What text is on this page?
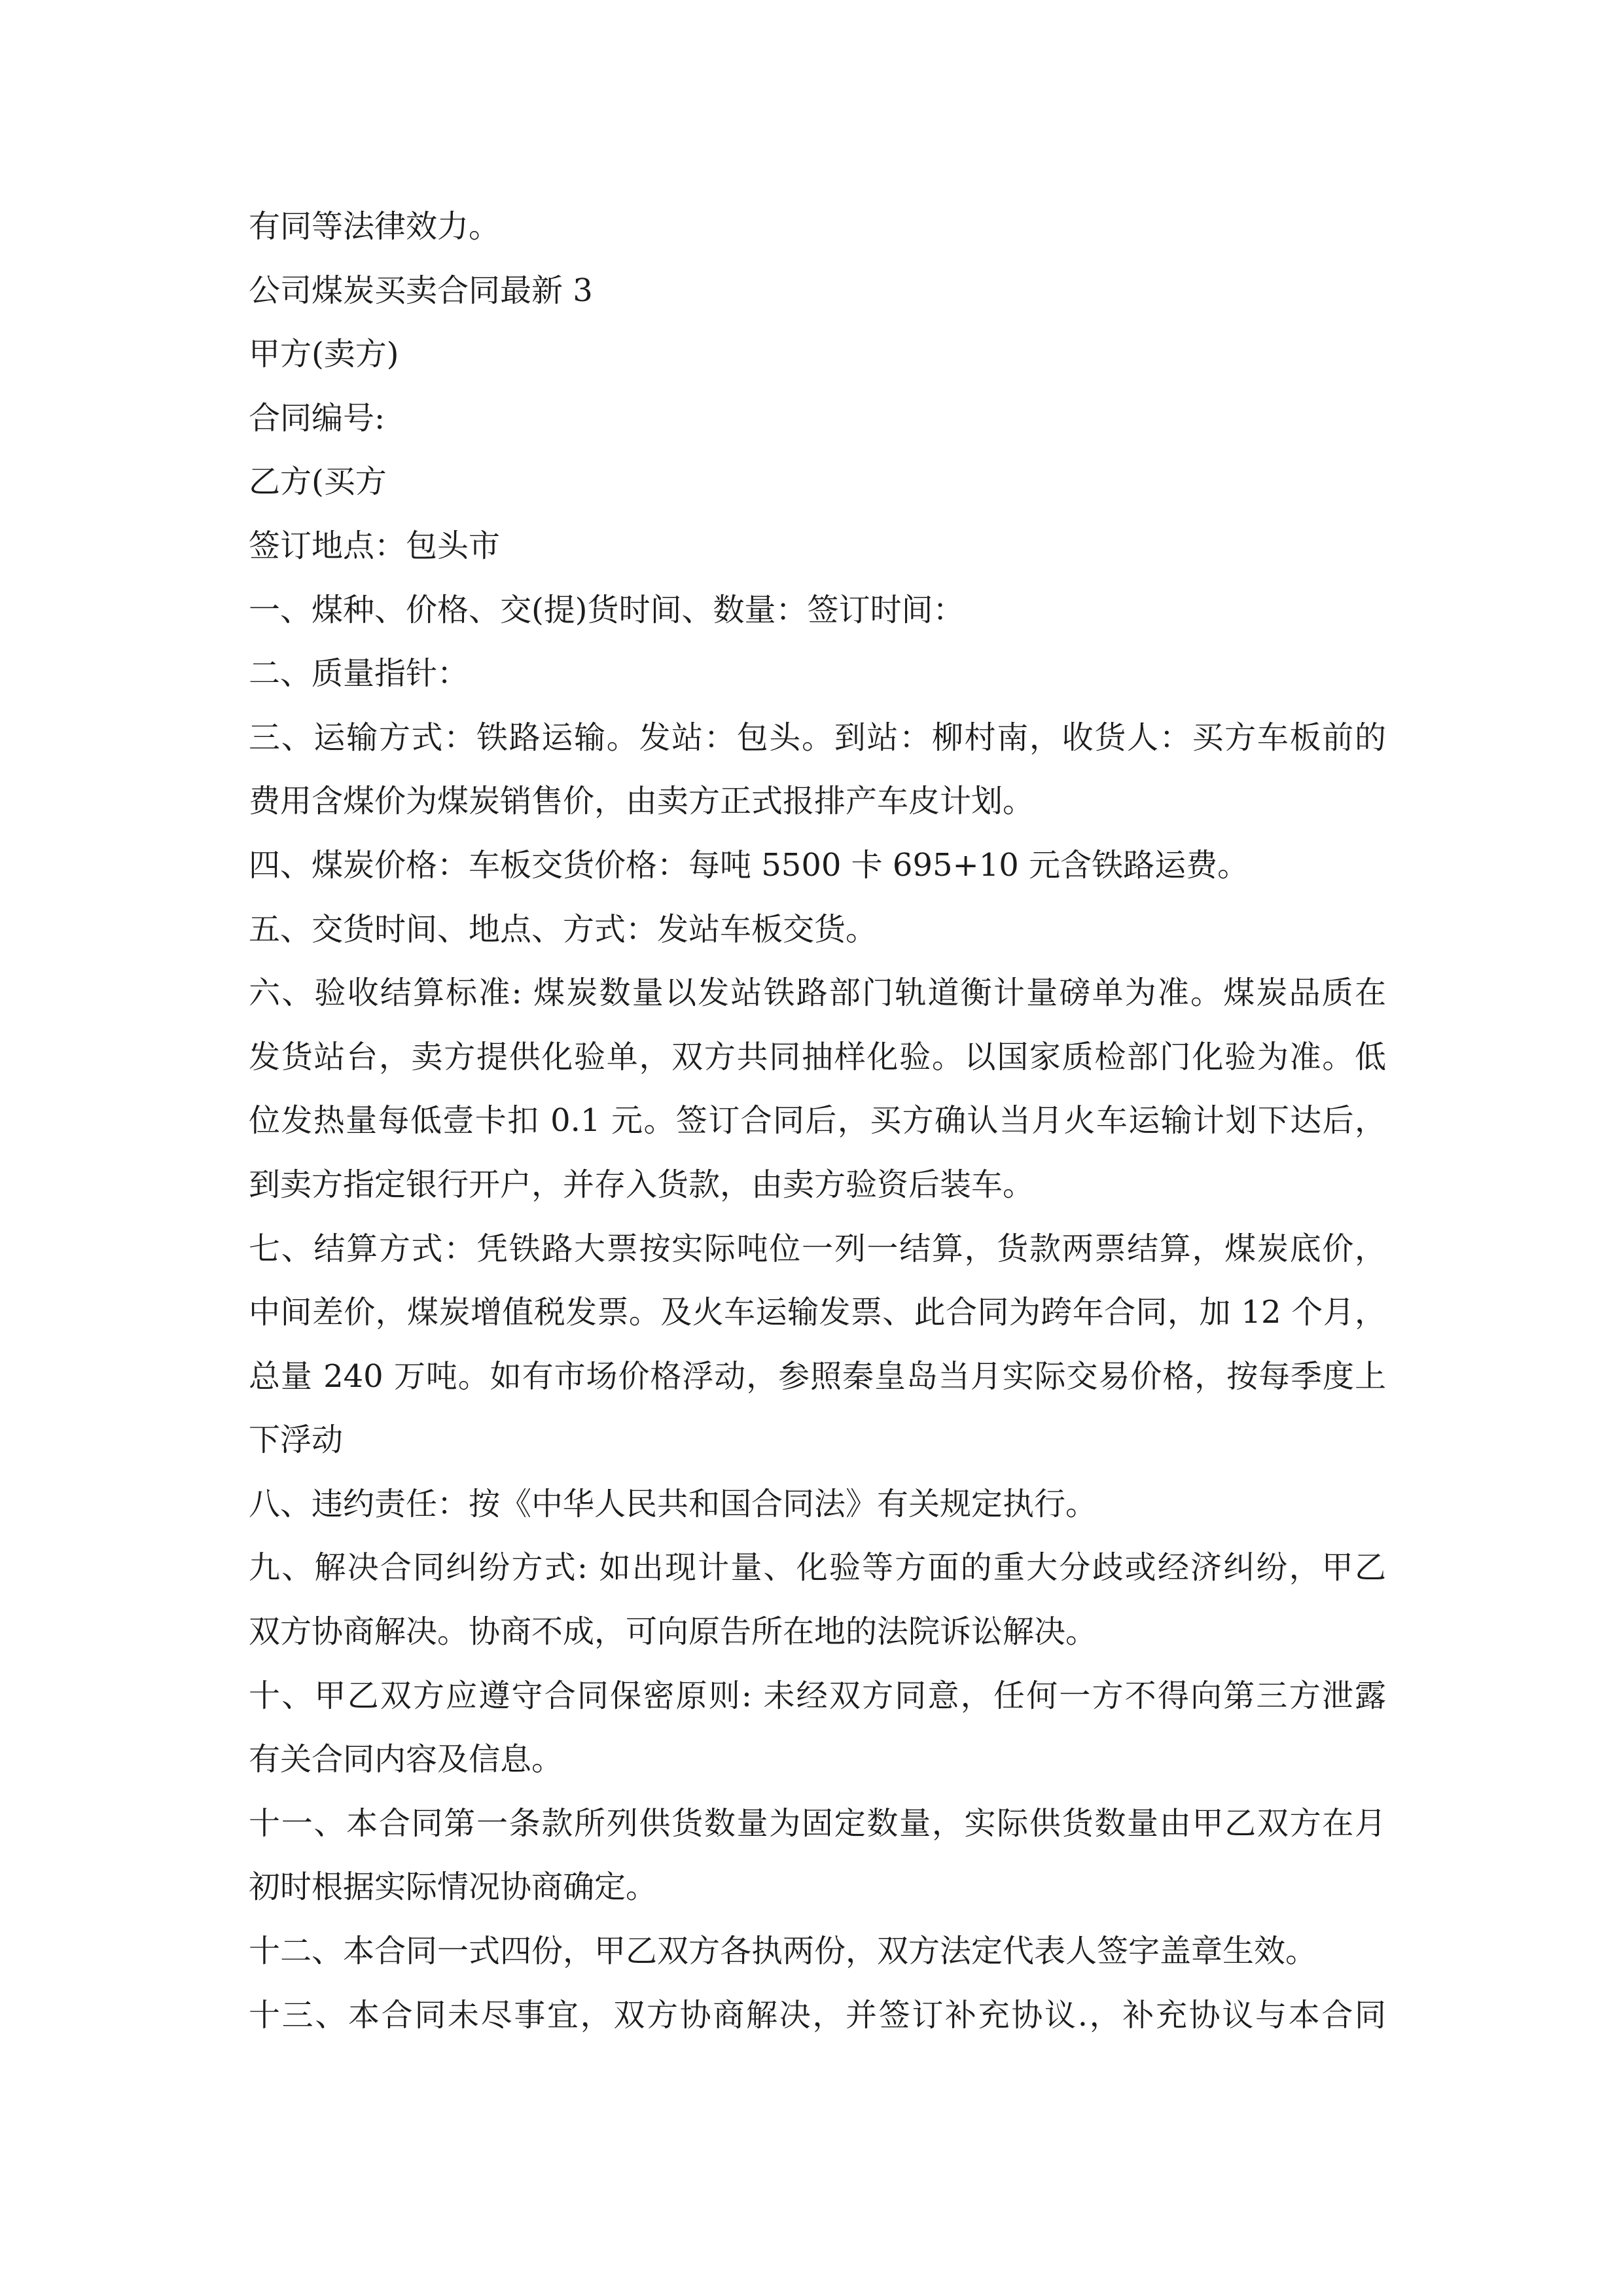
有同等法律效力。
公司煤炭买卖合同最新 3
甲方(卖方)
合同编号:
乙方(买方
签订地点：包头市
一、煤种、价格、交(提)货时间、数量：签订时间：
二、质量指针：
三、运输方式：铁路运输。发站：包头。到站：柳村南，收货人：买方车板前的
费用含煤价为煤炭销售价，由卖方正式报排产车皮计划。
四、煤炭价格：车板交货价格：每吨 5500 卡 695+10 元含铁路运费。
五、交货时间、地点、方式：发站车板交货。
六、验收结算标准: 煤炭数量以发站铁路部门轨道衡计量磅单为准。煤炭品质在
发货站台，卖方提供化验单，双方共同抽样化验。以国家质检部门化验为准。低
位发热量每低壹卡扣 0.1 元。签订合同后，买方确认当月火车运输计划下达后，
到卖方指定银行开户，并存入货款，由卖方验资后装车。
七、结算方式：凭铁路大票按实际吨位一列一结算，货款两票结算，煤炭底价，
中间差价，煤炭增值税发票。及火车运输发票、此合同为跨年合同，加 12 个月，
总量 240 万吨。如有市场价格浮动，参照秦皇岛当月实际交易价格，按每季度上
下浮动
八、违约责任：按《中华人民共和国合同法》有关规定执行。
九、解决合同纠纷方式: 如出现计量、化验等方面的重大分歧或经济纠纷，甲乙
双方协商解决。协商不成，可向原告所在地的法院诉讼解决。
十、甲乙双方应遵守合同保密原则: 未经双方同意，任何一方不得向第三方泄露
有关合同内容及信息。
十一、本合同第一条款所列供货数量为固定数量，实际供货数量由甲乙双方在月
初时根据实际情况协商确定。
十二、本合同一式四份，甲乙双方各执两份，双方法定代表人签字盖章生效。
十三、本合同未尽事宜，双方协商解决，并签订补充协议.，补充协议与本合同
